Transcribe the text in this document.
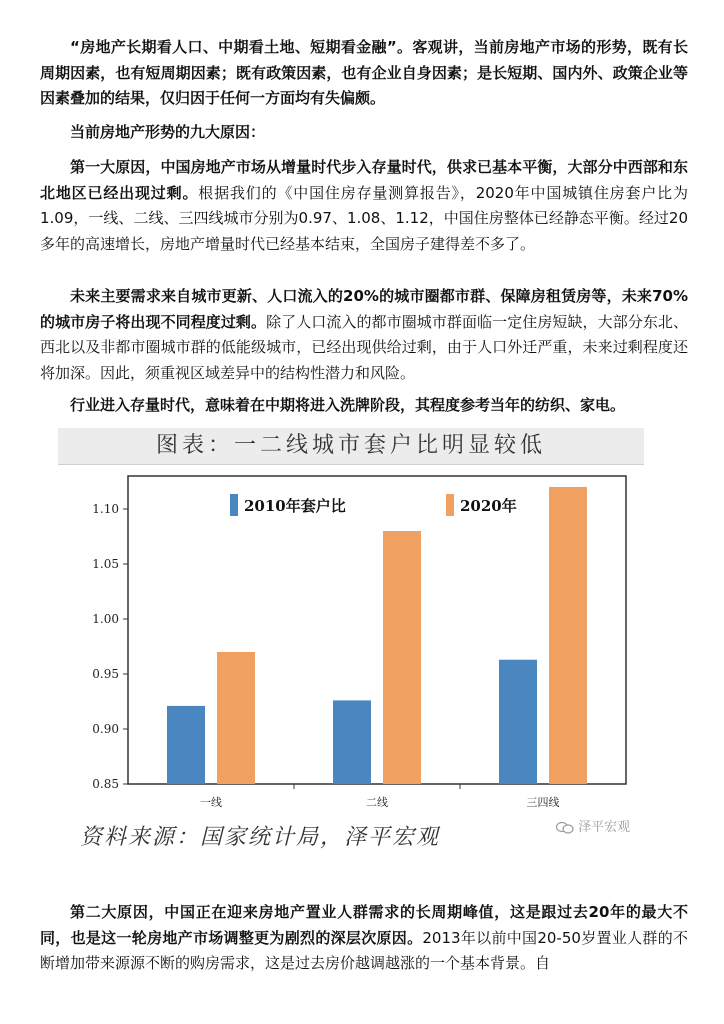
“房地产长期看人口、中期看土地、短期看金融”。客观讲，当前房地产市场的形势，既有长周期因素，也有短周期因素；既有政策因素，也有企业自身因素；是长短期、国内外、政策企业等因素叠加的结果，仅归因于任何一方面均有失偏颇。

当前房地产形势的九大原因：

第一大原因，中国房地产市场从增量时代步入存量时代，供求已基本平衡，大部分中西部和东北地区已经出现过剩。根据我们的《中国住房存量测算报告》，2020年中国城镇住房套户比为1.09，一线、二线、三四线城市分别为0.97、1.08、1.12，中国住房整体已经静态平衡。经过20多年的高速增长，房地产增量时代已经基本结束，全国房子建得差不多了。

未来主要需求来自城市更新、人口流入的20%的城市圈都市群、保障房租赁房等，未来70%的城市房子将出现不同程度过剩。除了人口流入的都市圈城市群面临一定住房短缺，大部分东北、西北以及非都市圈城市群的低能级城市，已经出现供给过剩，由于人口外迁严重，未来过剩程度还将加深。因此，须重视区域差异中的结构性潜力和风险。

行业进入存量时代，意味着在中期将进入洗牌阶段，其程度参考当年的纺织、家电。

第二大原因，中国正在迎来房地产置业人群需求的长周期峰值，这是跟过去20年的最大不同，也是这一轮房地产市场调整更为剧烈的深层次原因。2013年以前中国20-50岁置业人群的不断增加带来源源不断的购房需求，这是过去房价越调越涨的一个基本背景。自

图表：一二线城市套户比明显较低
0.85
0.90
0.95
1.00
1.05
1.10
一线	二线	三四线
2010年套户比	2020年
资料来源：国家统计局，泽平宏观	泽平宏观
